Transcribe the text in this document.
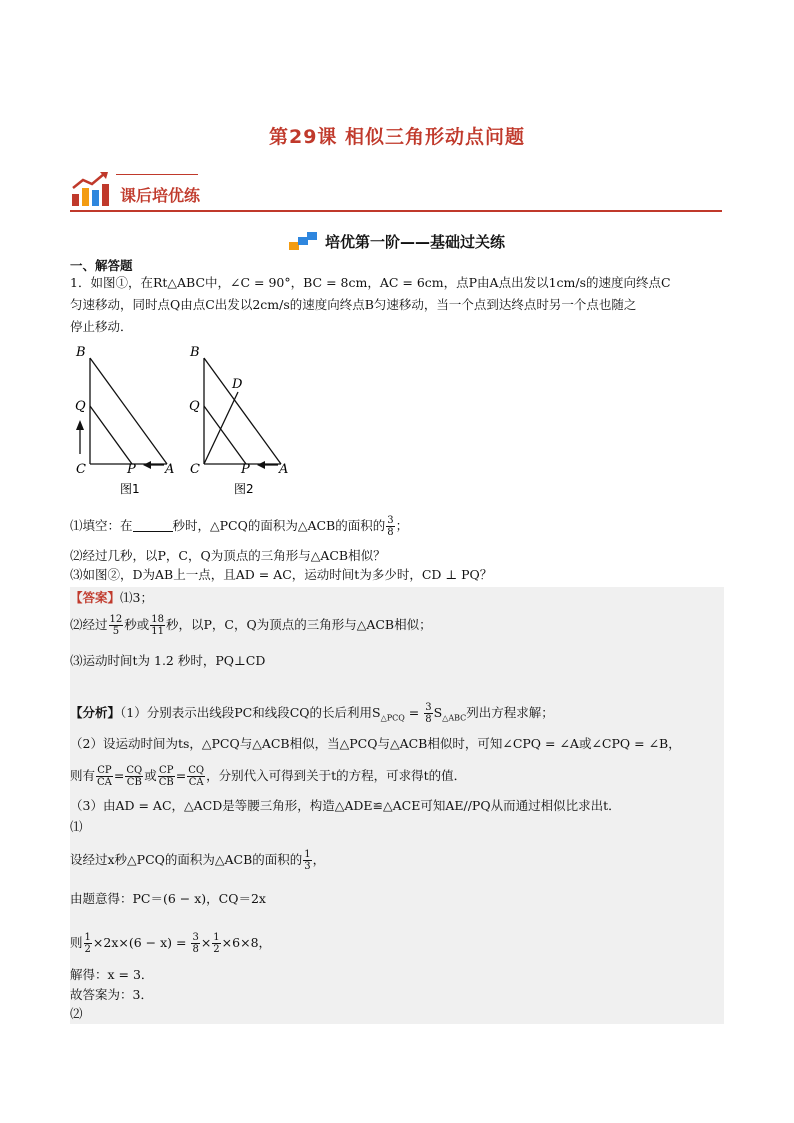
第29课 相似三角形动点问题
课后培优练
培优第一阶——基础过关练
一、解答题
1．如图①，在Rt△ABC中，∠C = 90°，BC = 8cm，AC = 6cm，点P由A点出发以1cm/s的速度向终点C
匀速移动，同时点Q由点C出发以2cm/s的速度向终点B匀速移动，当一个点到达终点时另一个点也随之
停止移动．
B
Q
C	P A
图1
B
D
Q
C	P A
图2
⑴填空：在	秒时，△PCQ的面积为△ACB的面积的 $\frac{3}{8}$ ；
⑵经过几秒，以P，C，Q为顶点的三角形与△ACB相似？
⑶如图②，D为AB上一点，且AD = AC，运动时间t为多少时，CD ⊥ PQ？
【答案】⑴3；
⑵经过 $\frac{12}{5}$ 秒或 $\frac{18}{11}$ 秒，以P，C，Q为顶点的三角形与△ACB相似；
⑶运动时间t为 1.2 秒时，PQ⊥CD
【分析】（1）分别表示出线段PC和线段CQ的长后利用$S_{\triangle PCQ} = \frac{3}{8} S_{\triangle ABC}$列出方程求解；
（2）设运动时间为ts，△PCQ与△ACB相似，当△PCQ与△ACB相似时，可知∠CPQ = ∠A或∠CPQ = ∠B，
则有 $\frac{CP}{CA} = \frac{CQ}{CB}$ 或 $\frac{CP}{CB} = \frac{CQ}{CA}$ ，分别代入可得到关于t的方程，可求得t的值．
（3）由AD = AC，△ACD是等腰三角形，构造△ADE≌△ACE可知AE//PQ从而通过相似比求出t．
⑴
设经过x秒△PCQ的面积为△ACB的面积的 $\frac{1}{3}$ ，
由题意得：PC＝(6 − x)，CQ＝2x
则 $\frac{1}{2} \times 2x\times(6 - x) = \frac{3}{8} \times \frac{1}{2} \times 6\times 8$，
解得：x = 3．
故答案为：3．
⑵
